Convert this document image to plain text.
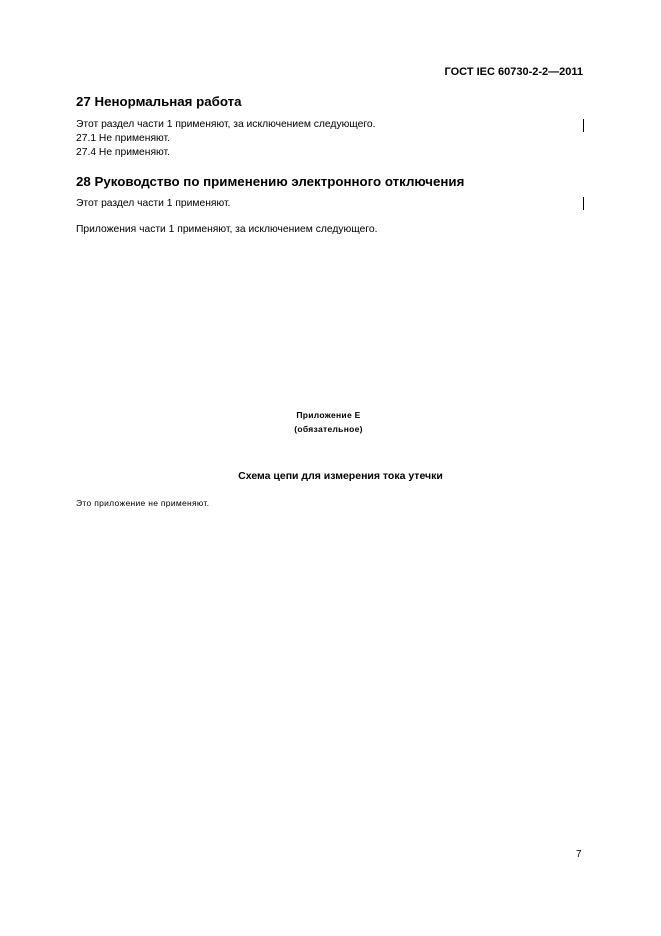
ГОСТ IEC 60730-2-2—2011
27 Ненормальная работа
Этот раздел части 1 применяют, за исключением следующего.
27.1 Не применяют.
27.4 Не применяют.
28 Руководство по применению электронного отключения
Этот раздел части 1 применяют.
Приложения части 1 применяют, за исключением следующего.
Приложение Е
(обязательное)
Схема цепи для измерения тока утечки
Это приложение не применяют.
7
